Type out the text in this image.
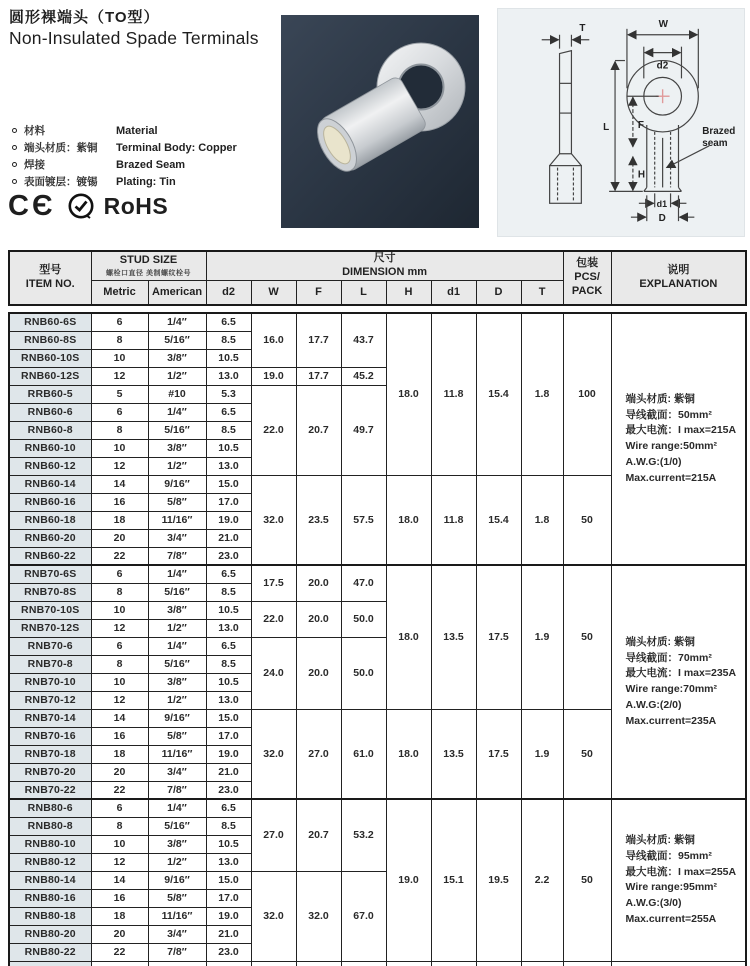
圆形裸端头（TO型）
Non-Insulated Spade Terminals
材料	Material
端头材质：紫铜	Terminal Body: Copper
焊接	Brazed Seam
表面镀层：镀锡	Plating: Tin
CЄ RoHS
T	W
d2
L	F
H
d1
D
Brazed
seam
型号
ITEM NO.

STUD SIZE
螺栓口直径 美制螺纹栓号

尺寸
DIMENSION mm

包装
PCS/
PACK

说明
EXPLANATION

	Metric	American	d2	W	F	L	H	d1	D	T		
RNB60-6S	6	1/4″	6.5	16.0	17.7	43.7	18.0	11.8	15.4	1.8	100	端头材质: 紫铜
导线截面：50mm²
最大电流：I max=215A
Wire range:50mm²
A.W.G:(1/0)
Max.current=215A

RNB60-8S	8	5/16″	8.5									
RNB60-10S	10	3/8″	10.5									
RNB60-12S	12	1/2″	13.0	19.0	17.7	45.2						
RRB60-5	5	#10	5.3	22.0	20.7	49.7						
RNB60-6	6	1/4″	6.5									
RNB60-8	8	5/16″	8.5									
RNB60-10	10	3/8″	10.5									
RNB60-12	12	1/2″	13.0									
RNB60-14	14	9/16″	15.0	32.0	23.5	57.5	18.0	11.8	15.4	1.8	50	
RNB60-16	16	5/8″	17.0									
RNB60-18	18	11/16″	19.0									
RNB60-20	20	3/4″	21.0									
RNB60-22	22	7/8″	23.0									
RNB70-6S	6	1/4″	6.5	17.5	20.0	47.0	18.0	13.5	17.5	1.9	50	端头材质: 紫铜
导线截面：70mm²
最大电流：I max=235A
Wire range:70mm²
A.W.G:(2/0)
Max.current=235A

RNB70-8S	8	5/16″	8.5									
RNB70-10S	10	3/8″	10.5	22.0	20.0	50.0						
RNB70-12S	12	1/2″	13.0									
RNB70-6	6	1/4″	6.5	24.0	20.0	50.0						
RNB70-8	8	5/16″	8.5									
RNB70-10	10	3/8″	10.5									
RNB70-12	12	1/2″	13.0									
RNB70-14	14	9/16″	15.0	32.0	27.0	61.0	18.0	13.5	17.5	1.9	50	
RNB70-16	16	5/8″	17.0									
RNB70-18	18	11/16″	19.0									
RNB70-20	20	3/4″	21.0									
RNB70-22	22	7/8″	23.0									
RNB80-6	6	1/4″	6.5	27.0	20.7	53.2	19.0	15.1	19.5	2.2	50	
端头材质: 紫铜
导线截面：95mm²
最大电流：I max=255A
Wire range:95mm²
A.W.G:(3/0)
Max.current=255A

RNB80-8	8	5/16″	8.5									
RNB80-10	10	3/8″	10.5									
RNB80-12	12	1/2″	13.0									
RNB80-14	14	9/16″	15.0	32.0	32.0	67.0						
RNB80-16	16	5/8″	17.0									
RNB80-18	18	11/16″	19.0									
RNB80-20	20	3/4″	21.0									
RNB80-22	22	7/8″	23.0									
